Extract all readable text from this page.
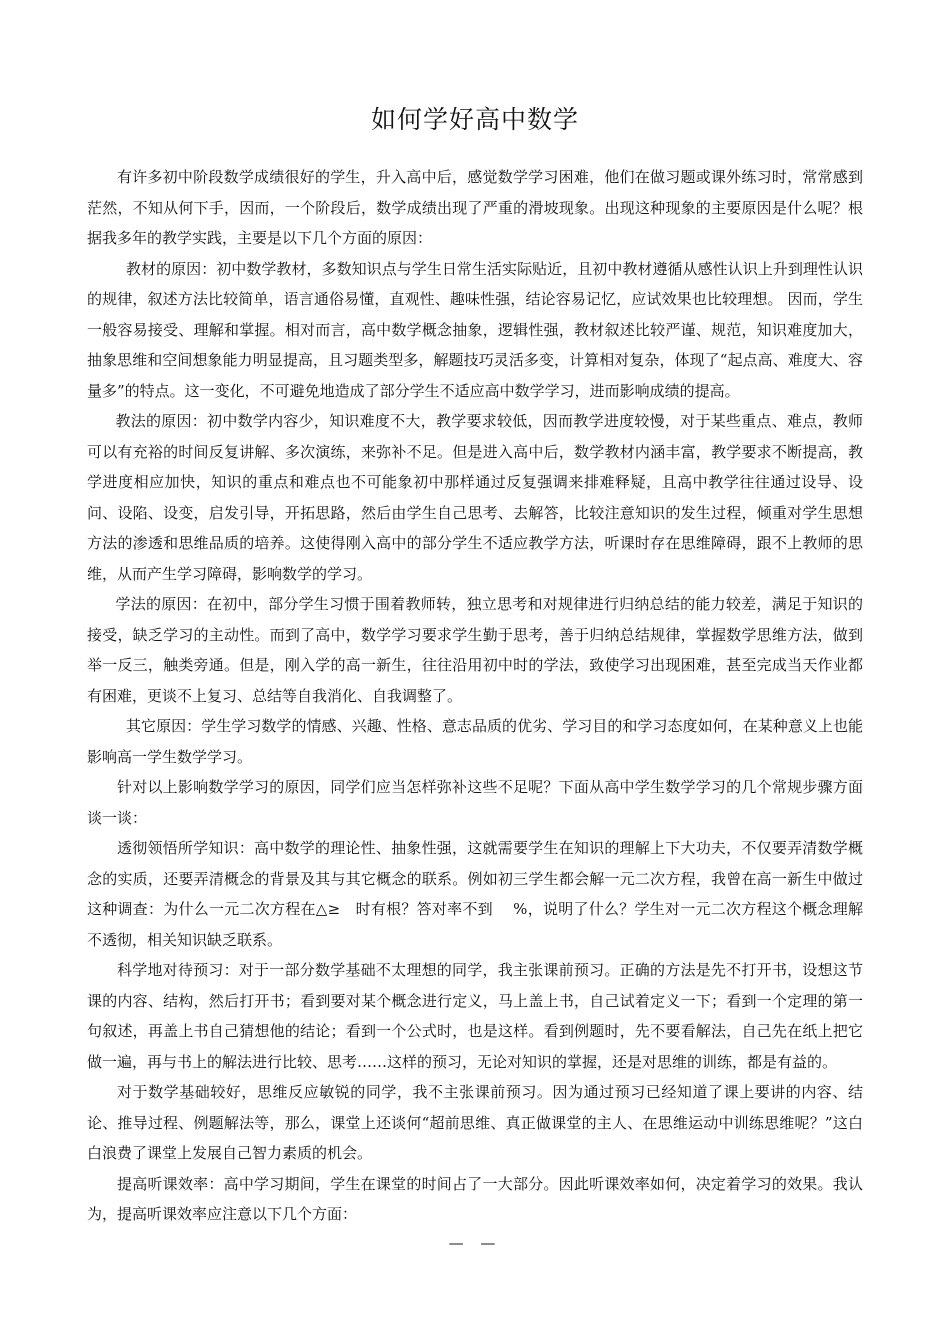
如何学好高中数学

有许多初中阶段数学成绩很好的学生，升入高中后，感觉数学学习困难，他们在做习题或课外练习时，常常感到茫然，不知从何下手，因而，一个阶段后，数学成绩出现了严重的滑坡现象。出现这种现象的主要原因是什么呢？根据我多年的教学实践，主要是以下几个方面的原因：

教材的原因：初中数学教材，多数知识点与学生日常生活实际贴近，且初中教材遵循从感性认识上升到理性认识的规律，叙述方法比较简单，语言通俗易懂，直观性、趣味性强，结论容易记忆，应试效果也比较理想。 因而，学生一般容易接受、理解和掌握。相对而言，高中数学概念抽象，逻辑性强，教材叙述比较严谨、规范，知识难度加大，抽象思维和空间想象能力明显提高，且习题类型多，解题技巧灵活多变，计算相对复杂，体现了“起点高、难度大、容量多”的特点。这一变化，不可避免地造成了部分学生不适应高中数学学习，进而影响成绩的提高。

教法的原因：初中数学内容少，知识难度不大，教学要求较低，因而教学进度较慢，对于某些重点、难点，教师可以有充裕的时间反复讲解、多次演练，来弥补不足。但是进入高中后，数学教材内涵丰富，教学要求不断提高，教学进度相应加快，知识的重点和难点也不可能象初中那样通过反复强调来排难释疑，且高中教学往往通过设导、设问、设陷、设变，启发引导，开拓思路，然后由学生自己思考、去解答，比较注意知识的发生过程，倾重对学生思想方法的渗透和思维品质的培养。这使得刚入高中的部分学生不适应教学方法，听课时存在思维障碍，跟不上教师的思维，从而产生学习障碍，影响数学的学习。

学法的原因：在初中，部分学生习惯于围着教师转，独立思考和对规律进行归纳总结的能力较差，满足于知识的接受，缺乏学习的主动性。而到了高中，数学学习要求学生勤于思考，善于归纳总结规律，掌握数学思维方法，做到举一反三，触类旁通。但是，刚入学的高一新生，往往沿用初中时的学法，致使学习出现困难，甚至完成当天作业都有困难，更谈不上复习、总结等自我消化、自我调整了。

其它原因：学生学习数学的情感、兴趣、性格、意志品质的优劣、学习目的和学习态度如何，在某种意义上也能影响高一学生数学学习。

针对以上影响数学学习的原因，同学们应当怎样弥补这些不足呢？下面从高中学生数学学习的几个常规步骤方面谈一谈：

透彻领悟所学知识：高中数学的理论性、抽象性强，这就需要学生在知识的理解上下大功夫，不仅要弄清数学概念的实质，还要弄清概念的背景及其与其它概念的联系。例如初三学生都会解一元二次方程，我曾在高一新生中做过这种调查：为什么一元二次方程在△≥　时有根？答对率不到　 %，说明了什么？学生对一元二次方程这个概念理解不透彻，相关知识缺乏联系。

科学地对待预习：对于一部分数学基础不太理想的同学，我主张课前预习。正确的方法是先不打开书，设想这节课的内容、结构，然后打开书；看到要对某个概念进行定义，马上盖上书，自己试着定义一下；看到一个定理的第一句叙述，再盖上书自己猜想他的结论；看到一个公式时，也是这样。看到例题时，先不要看解法，自己先在纸上把它做一遍，再与书上的解法进行比较、思考……这样的预习，无论对知识的掌握，还是对思维的训练，都是有益的。

对于数学基础较好，思维反应敏锐的同学，我不主张课前预习。因为通过预习已经知道了课上要讲的内容、结论、推导过程、例题解法等，那么，课堂上还谈何“超前思维、真正做课堂的主人、在思维运动中训练思维呢？”这白白浪费了课堂上发展自己智力素质的机会。

提高听课效率：高中学习期间，学生在课堂的时间占了一大部分。因此听课效率如何，决定着学习的效果。我认为，提高听课效率应注意以下几个方面：

— —
